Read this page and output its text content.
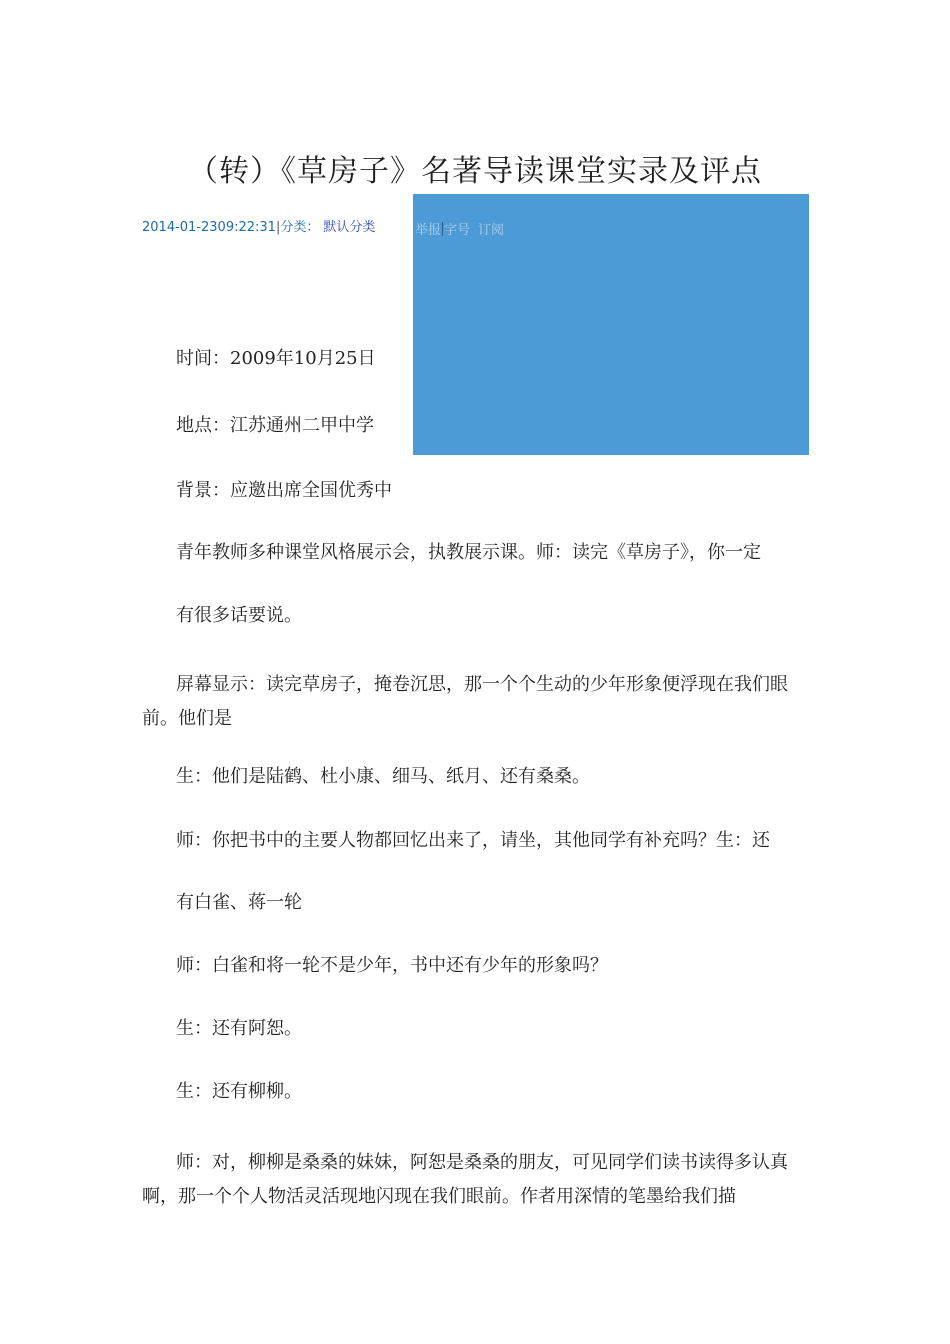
（转）《草房子》名著导读课堂实录及评点
2014-01-2309:22:31|分类： 默认分类	举报 字号 订阅

时间：2009年10月25日

地点：江苏通州二甲中学

背景：应邀出席全国优秀中

青年教师多种课堂风格展示会，执教展示课。师：读完《草房子》，你一定

有很多话要说。

屏幕显示：读完草房子，掩卷沉思，那一个个生动的少年形象便浮现在我们眼前。他们是

生：他们是陆鹤、杜小康、细马、纸月、还有桑桑。

师：你把书中的主要人物都回忆出来了，请坐，其他同学有补充吗？生：还

有白雀、蒋一轮

师：白雀和将一轮不是少年，书中还有少年的形象吗？

生：还有阿恕。

生：还有柳柳。

师：对，柳柳是桑桑的妹妹，阿恕是桑桑的朋友，可见同学们读书读得多认真啊，那一个个人物活灵活现地闪现在我们眼前。作者用深情的笔墨给我们描
